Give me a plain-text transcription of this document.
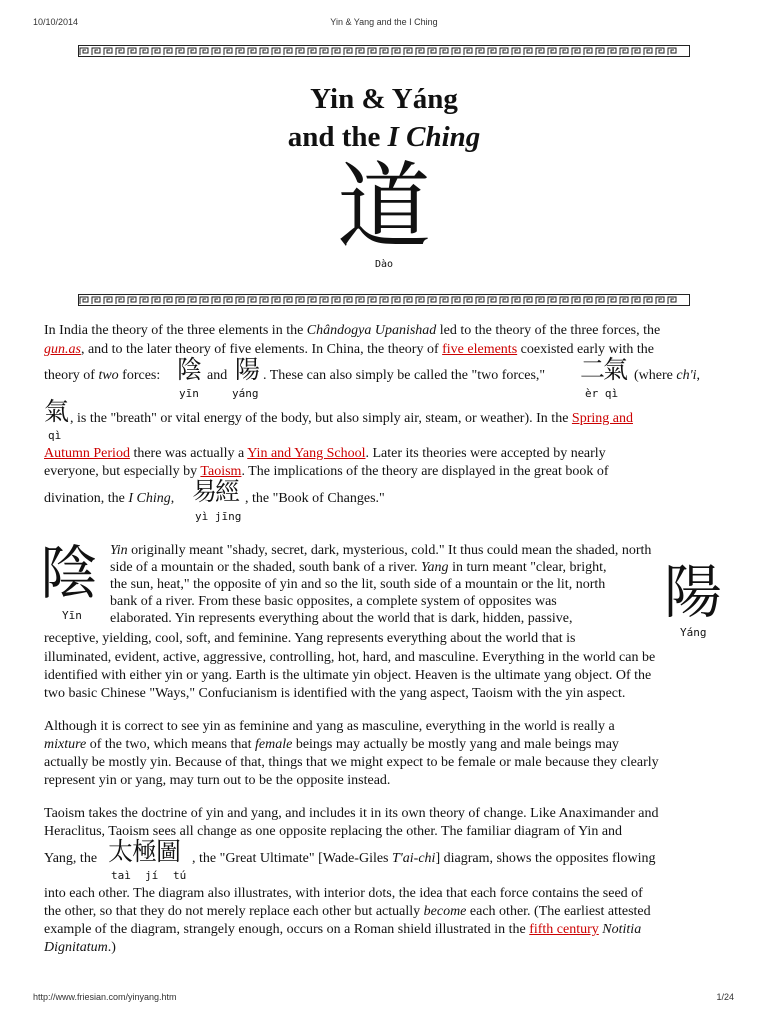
10/10/2014	Yin & Yang and the I Ching
Yin & Yáng
and the I Ching
道
Dào
In India the theory of the three elements in the Chândogya Upanishad led to the theory of the three forces, the
gun.as, and to the later theory of five elements. In China, the theory of five elements coexisted early with the
theory of two forces: 陰
yīn
and 陽
yáng
. These can also simply be called the "two forces," 二氣
èr qì
(where ch'i,
氣
qì
, is the "breath" or vital energy of the body, but also simply air, steam, or weather). In the Spring and
Autumn Period there was actually a Yin and Yang School. Later its theories were accepted by nearly
everyone, but especially by Taoism. The implications of the theory are displayed in the great book of
divination, the I Ching, 易經
yì jīng
, the "Book of Changes."
陰
Yīn	陽
Yáng
Yin originally meant "shady, secret, dark, mysterious, cold." It thus could mean the shaded, north
side of a mountain or the shaded, south bank of a river. Yang in turn meant "clear, bright,
the sun, heat," the opposite of yin and so the lit, south side of a mountain or the lit, north
bank of a river. From these basic opposites, a complete system of opposites was
elaborated. Yin represents everything about the world that is dark, hidden, passive,
receptive, yielding, cool, soft, and feminine. Yang represents everything about the world that is
illuminated, evident, active, aggressive, controlling, hot, hard, and masculine. Everything in the world can be
identified with either yin or yang. Earth is the ultimate yin object. Heaven is the ultimate yang object. Of the
two basic Chinese "Ways," Confucianism is identified with the yang aspect, Taoism with the yin aspect.
Although it is correct to see yin as feminine and yang as masculine, everything in the world is really a
mixture of the two, which means that female beings may actually be mostly yang and male beings may
actually be mostly yin. Because of that, things that we might expect to be female or male because they clearly
represent yin or yang, may turn out to be the opposite instead.
Taoism takes the doctrine of yin and yang, and includes it in its own theory of change. Like Anaximander and
Heraclitus, Taoism sees all change as one opposite replacing the other. The familiar diagram of Yin and
Yang, the 太極圖
taì jí tú
, the "Great Ultimate" [Wade-Giles T'ai-chi] diagram, shows the opposites flowing
into each other. The diagram also illustrates, with interior dots, the idea that each force contains the seed of
the other, so that they do not merely replace each other but actually become each other. (The earliest attested
example of the diagram, strangely enough, occurs on a Roman shield illustrated in the fifth century Notitia
Dignitatum.)
http://www.friesian.com/yinyang.htm	1/24
